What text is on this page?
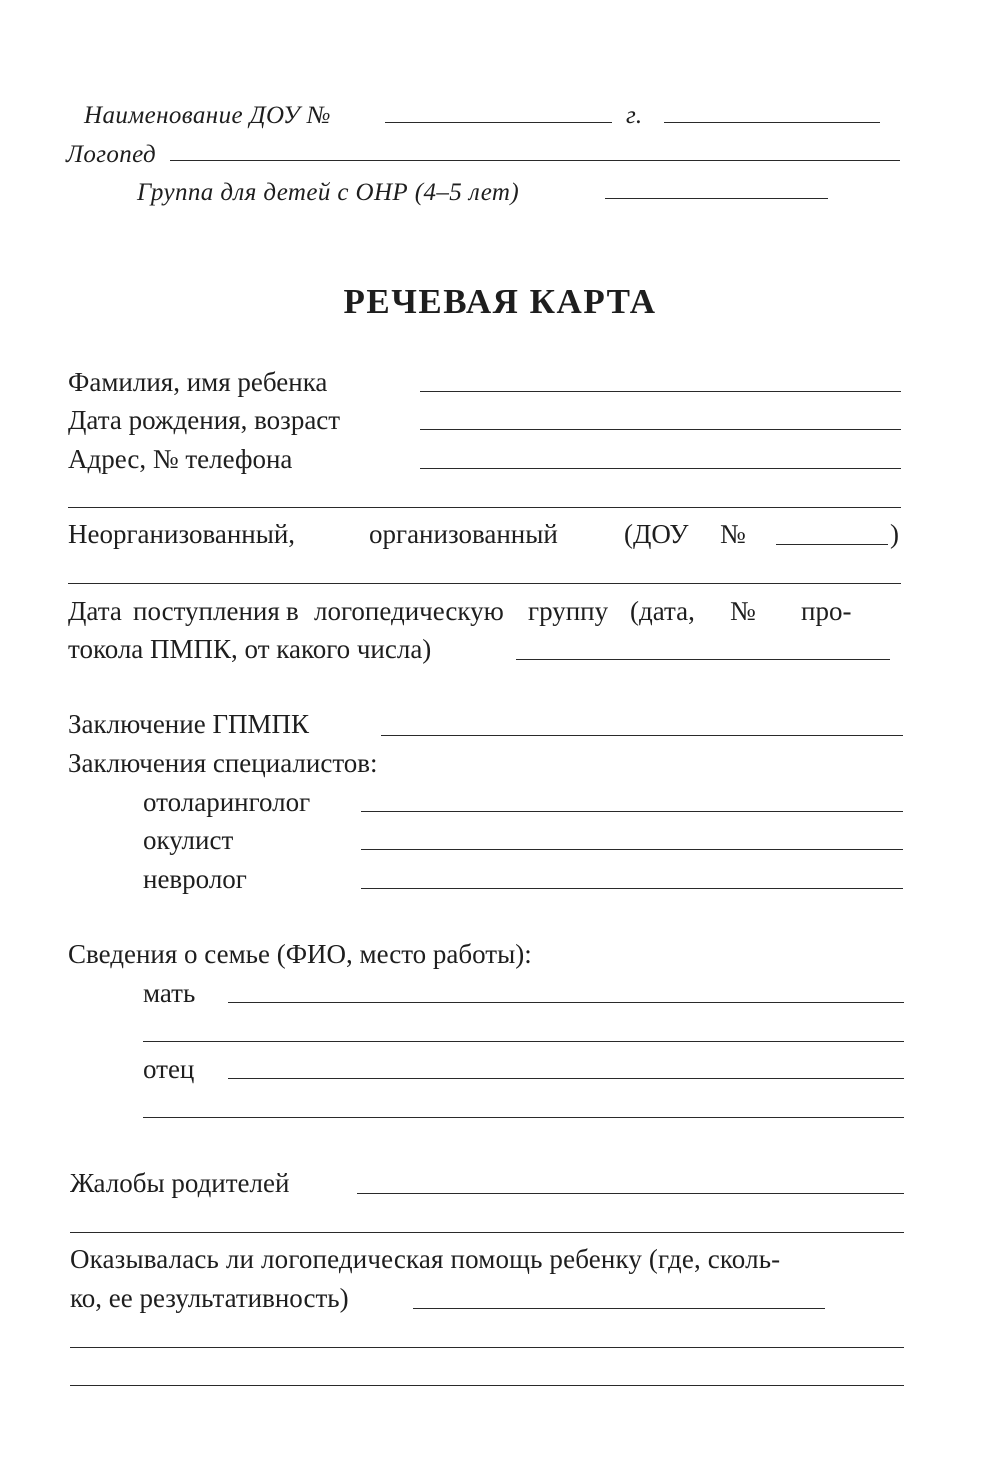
Наименование ДОУ №	г.
Логопед
Группа для детей с ОНР (4–5 лет)
РЕЧЕВАЯ КАРТА
Фамилия, имя ребенка
Дата рождения, возраст
Адрес, № телефона
Неорганизованный,	организованный (ДОУ №	)
Дата поступления в логопедическую группу (дата, № про-
токола ПМПК, от какого числа)
Заключение ГПМПК
Заключения специалистов:
отоларинголог
окулист
невролог
Сведения о семье (ФИО, место работы):
мать
отец
Жалобы родителей
Оказывалась ли логопедическая помощь ребенку (где, сколь-
ко, ее результативность)
